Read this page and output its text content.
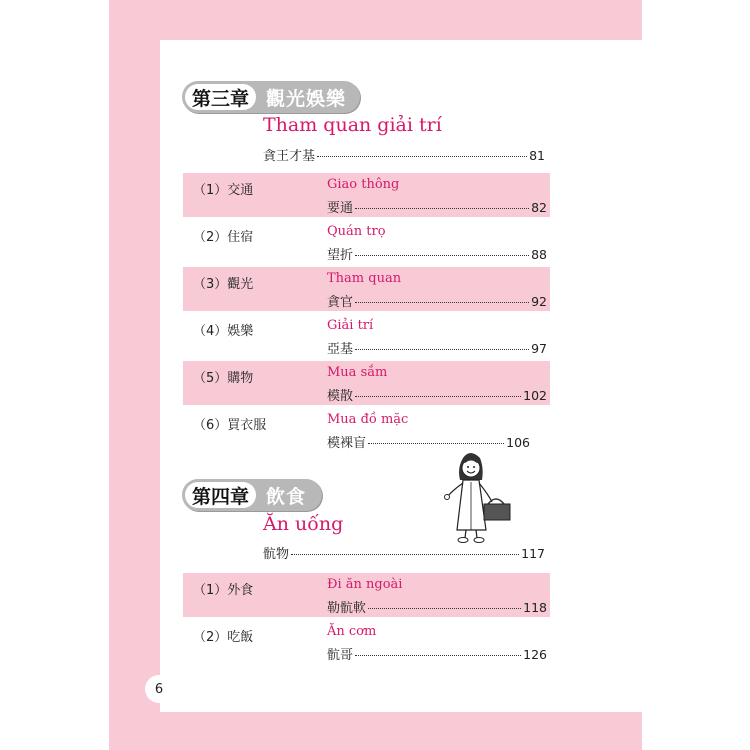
第三章 觀光娛樂
Tham quan giải trí
貪王才基	81
（1）交通	Giao thông
要通	82
（2）住宿	Quán trọ
望折	88
（3）觀光	Tham quan
貪官	92
（4）娛樂	Giải trí
亞基	97
（5）購物	Mua sắm
模散	102
（6）買衣服	Mua đồ mặc
模裸盲	106
第四章 飲食
Ăn uống
骯物	117
（1）外食	Đi ăn ngoài
勒骯軟	118
（2）吃飯	Ăn cơm
骯哥	126
6
